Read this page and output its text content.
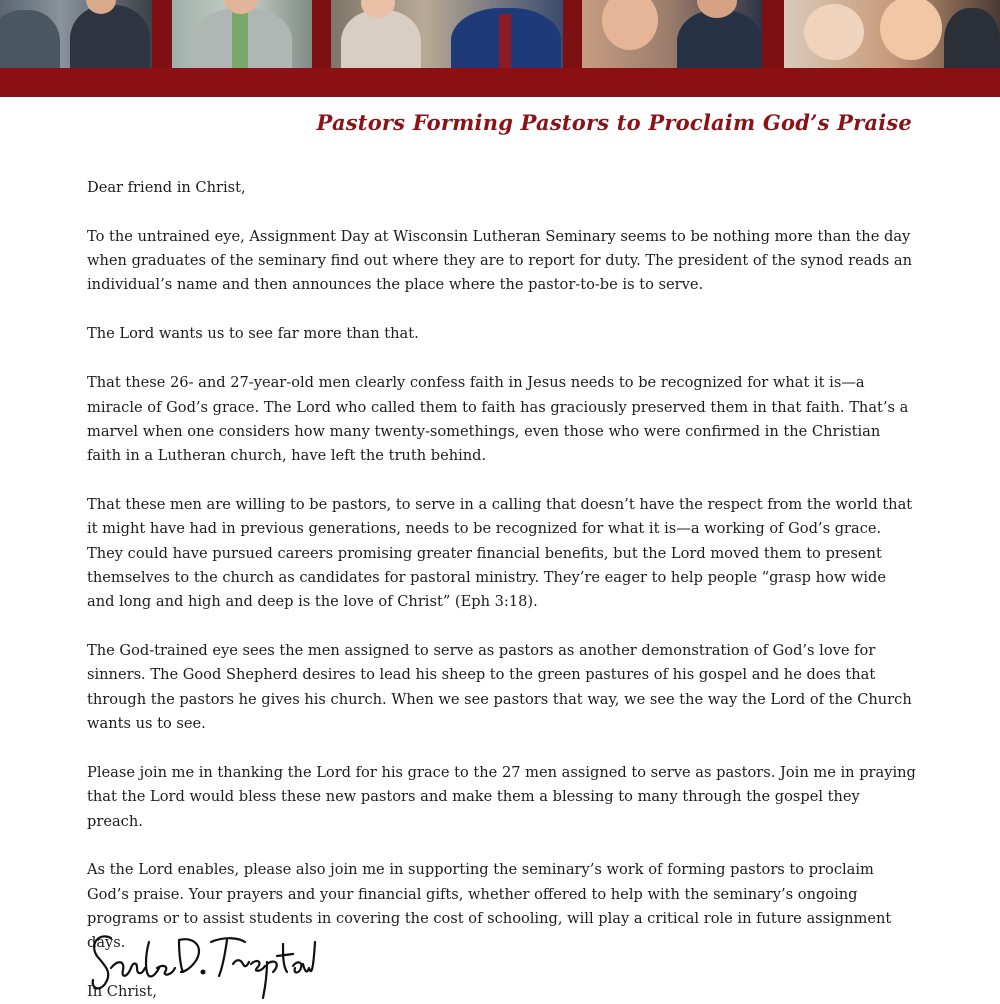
Pastors Forming Pastors to Proclaim God’s Praise

Dear friend in Christ,

To the untrained eye, Assignment Day at Wisconsin Lutheran Seminary seems to be nothing more than the day when graduates of the seminary find out where they are to report for duty. The president of the synod reads an individual’s name and then announces the place where the pastor-to-be is to serve.

The Lord wants us to see far more than that.

That these 26- and 27-year-old men clearly confess faith in Jesus needs to be recognized for what it is—a miracle of God’s grace. The Lord who called them to faith has graciously preserved them in that faith. That’s a marvel when one considers how many twenty-somethings, even those who were confirmed in the Christian faith in a Lutheran church, have left the truth behind.

That these men are willing to be pastors, to serve in a calling that doesn’t have the respect from the world that it might have had in previous generations, needs to be recognized for what it is—a working of God’s grace. They could have pursued careers promising greater financial benefits, but the Lord moved them to present themselves to the church as candidates for pastoral ministry. They’re eager to help people “grasp how wide and long and high and deep is the love of Christ” (Eph 3:18).

The God-trained eye sees the men assigned to serve as pastors as another demonstration of God’s love for sinners. The Good Shepherd desires to lead his sheep to the green pastures of his gospel and he does that through the pastors he gives his church. When we see pastors that way, we see the way the Lord of the Church wants us to see.

Please join me in thanking the Lord for his grace to the 27 men assigned to serve as pastors. Join me in praying that the Lord would bless these new pastors and make them a blessing to many through the gospel they preach.

As the Lord enables, please also join me in supporting the seminary’s work of forming pastors to proclaim God’s praise. Your prayers and your financial gifts, whether offered to help with the seminary’s ongoing programs or to assist students in covering the cost of schooling, will play a critical role in future assignment days.

In Christ,
